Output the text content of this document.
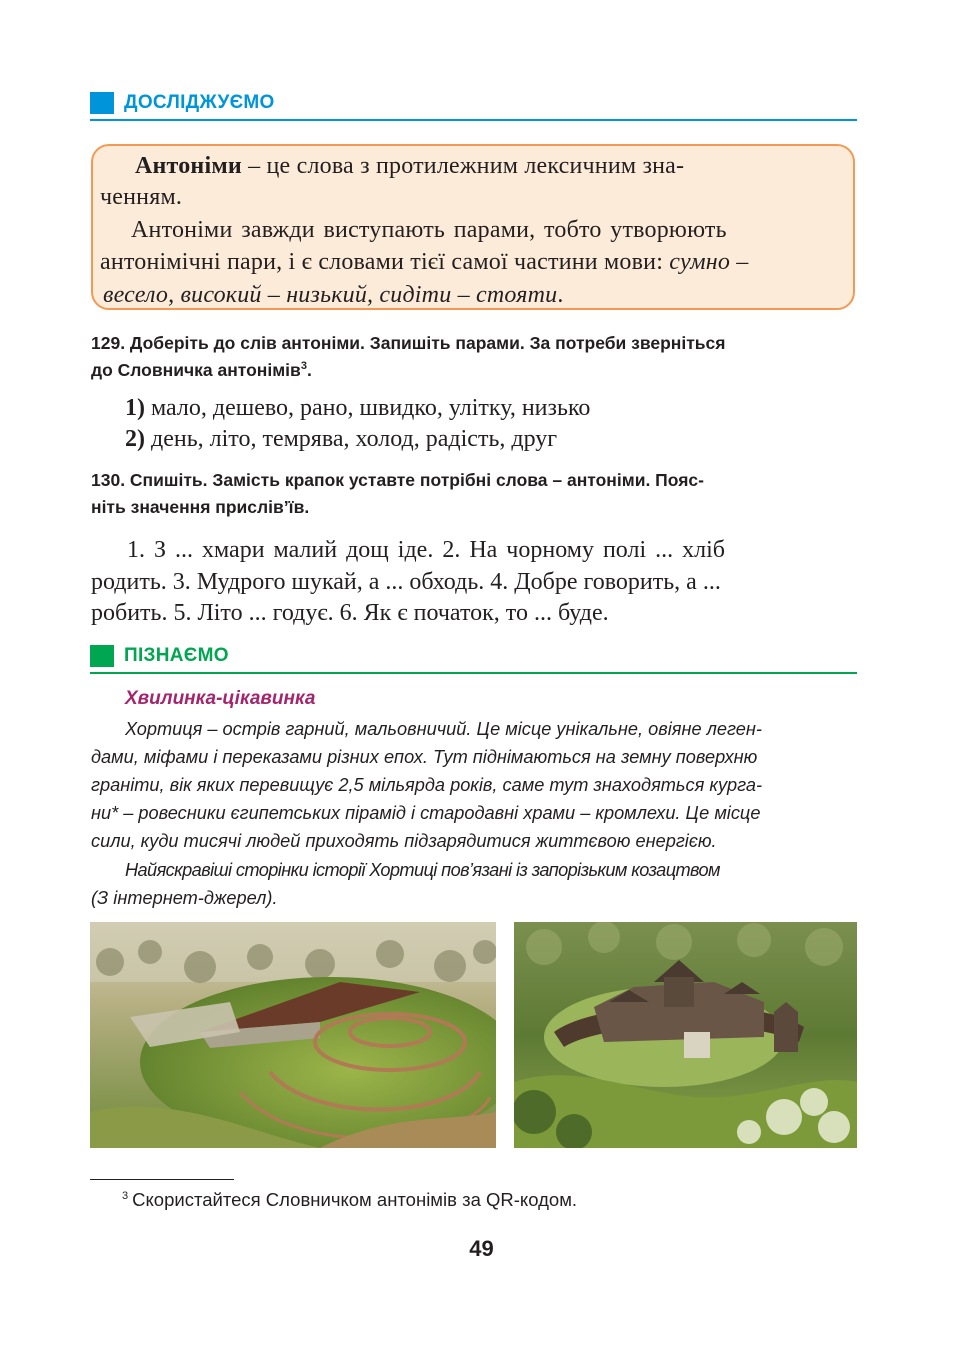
ДОСЛІДЖУЄМО
Антоніми – це слова з протилежним лексичним зна-
ченням.
Антоніми завжди виступають парами, тобто утворюють
антонімічні пари, і є словами тієї самої частини мови: сумно –
весело, високий – низький, сидіти – стояти.
129. Доберіть до слів антоніми. Запишіть парами. За потреби зверніться
до Словничка антонімів$^3$.
1) мало, дешево, рано, швидко, улітку, низько
2) день, літо, темрява, холод, радість, друг
130. Спишіть. Замість крапок уставте потрібні слова – антоніми. Пояс-
ніть значення прислів’їв.
1. З ... хмари малий дощ іде. 2. На чорному полі ... хліб
родить. 3. Мудрого шукай, а ... обходь. 4. Добре говорить, а ...
робить. 5. Літо ... годує. 6. Як є початок, то ... буде.
ПІЗНАЄМО
Хвилинка-цікавинка
Хортиця – острів гарний, мальовничий. Це місце унікальне, овіяне леген-
дами, міфами і переказами різних епох. Тут піднімаються на земну поверхню
граніти, вік яких перевищує 2,5 мільярда років, саме тут знаходяться курга-
ни* – ровесники єгипетських пірамід і стародавні храми – кромлехи. Це місце
сили, куди тисячі людей приходять підзарядитися життєвою енергією.
Найяскравіші сторінки історії Хортиці пов’язані із запорізьким козацтвом
(З інтернет-джерел).
$^3$ Скористайтеся Словничком антонімів за QR-кодом.
49
